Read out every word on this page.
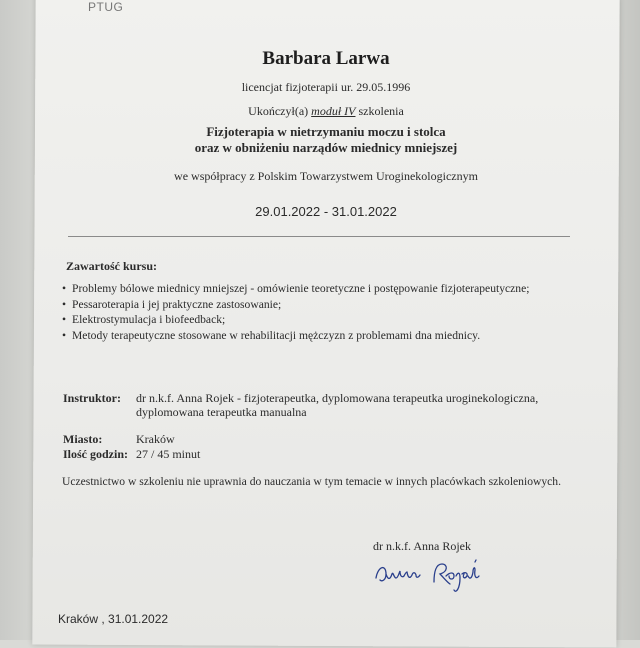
PTUG
Barbara Larwa
licencjat fizjoterapii ur. 29.05.1996
Ukończył(a) moduł IV szkolenia
Fizjoterapia w nietrzymaniu moczu i stolca
oraz w obniżeniu narządów miednicy mniejszej
we współpracy z Polskim Towarzystwem Uroginekologicznym
29.01.2022 - 31.01.2022
Zawartość kursu:
• Problemy bólowe miednicy mniejszej - omówienie teoretyczne i postępowanie fizjoterapeutyczne;
• Pessaroterapia i jej praktyczne zastosowanie;
• Elektrostymulacja i biofeedback;
• Metody terapeutyczne stosowane w rehabilitacji mężczyzn z problemami dna miednicy.
Instruktor: dr n.k.f. Anna Rojek - fizjoterapeutka, dyplomowana terapeutka uroginekologiczna,
dyplomowana terapeutka manualna
Miasto:	Kraków
Ilość godzin: 27 / 45 minut
Uczestnictwo w szkoleniu nie uprawnia do nauczania w tym temacie w innych placówkach szkoleniowych.
dr n.k.f. Anna Rojek
Kraków , 31.01.2022
